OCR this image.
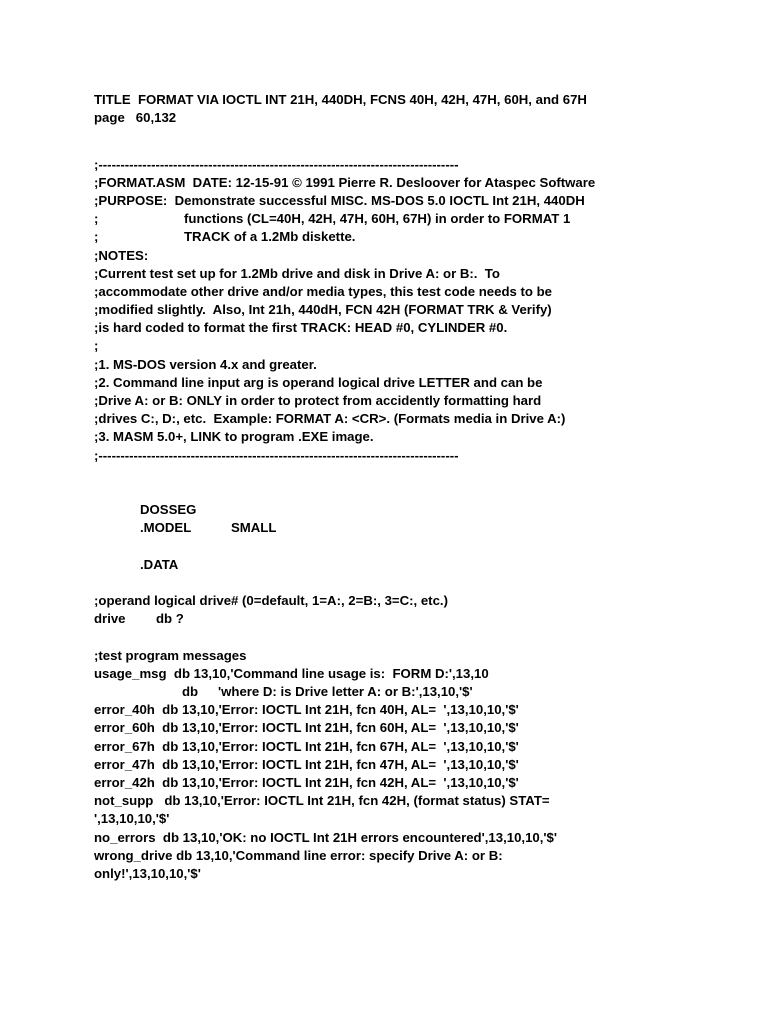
TITLE  FORMAT VIA IOCTL INT 21H, 440DH, FCNS 40H, 42H, 47H, 60H, and 67H
page   60,132
;----------------------------------------------------------------------------------
;FORMAT.ASM  DATE: 12-15-91 © 1991 Pierre R. Desloover for Ataspec Software
;PURPOSE:  Demonstrate successful MISC. MS-DOS 5.0 IOCTL Int 21H, 440DH
;	functions (CL=40H, 42H, 47H, 60H, 67H) in order to FORMAT 1
;	TRACK of a 1.2Mb diskette.
;NOTES:
;Current test set up for 1.2Mb drive and disk in Drive A: or B:.  To
;accommodate other drive and/or media types, this test code needs to be
;modified slightly.  Also, Int 21h, 440dH, FCN 42H (FORMAT TRK & Verify)
;is hard coded to format the first TRACK: HEAD #0, CYLINDER #0.
;
;1. MS-DOS version 4.x and greater.
;2. Command line input arg is operand logical drive LETTER and can be
;Drive A: or B: ONLY in order to protect from accidently formatting hard
;drives C:, D:, etc.  Example: FORMAT A: <CR>. (Formats media in Drive A:)
;3. MASM 5.0+, LINK to program .EXE image.
;----------------------------------------------------------------------------------
DOSSEG
.MODEL	SMALL
.DATA
;operand logical drive# (0=default, 1=A:, 2=B:, 3=C:, etc.)
drive db ?
;test program messages
usage_msg  db 13,10,'Command line usage is:  FORM D:',13,10
db 'where D: is Drive letter A: or B:',13,10,'$'
error_40h  db 13,10,'Error: IOCTL Int 21H, fcn 40H, AL=  ',13,10,10,'$'
error_60h  db 13,10,'Error: IOCTL Int 21H, fcn 60H, AL=  ',13,10,10,'$'
error_67h  db 13,10,'Error: IOCTL Int 21H, fcn 67H, AL=  ',13,10,10,'$'
error_47h  db 13,10,'Error: IOCTL Int 21H, fcn 47H, AL=  ',13,10,10,'$'
error_42h  db 13,10,'Error: IOCTL Int 21H, fcn 42H, AL=  ',13,10,10,'$'
not_supp   db 13,10,'Error: IOCTL Int 21H, fcn 42H, (format status) STAT=
',13,10,10,'$'
no_errors  db 13,10,'OK: no IOCTL Int 21H errors encountered',13,10,10,'$'
wrong_drive db 13,10,'Command line error: specify Drive A: or B:
only!',13,10,10,'$'
